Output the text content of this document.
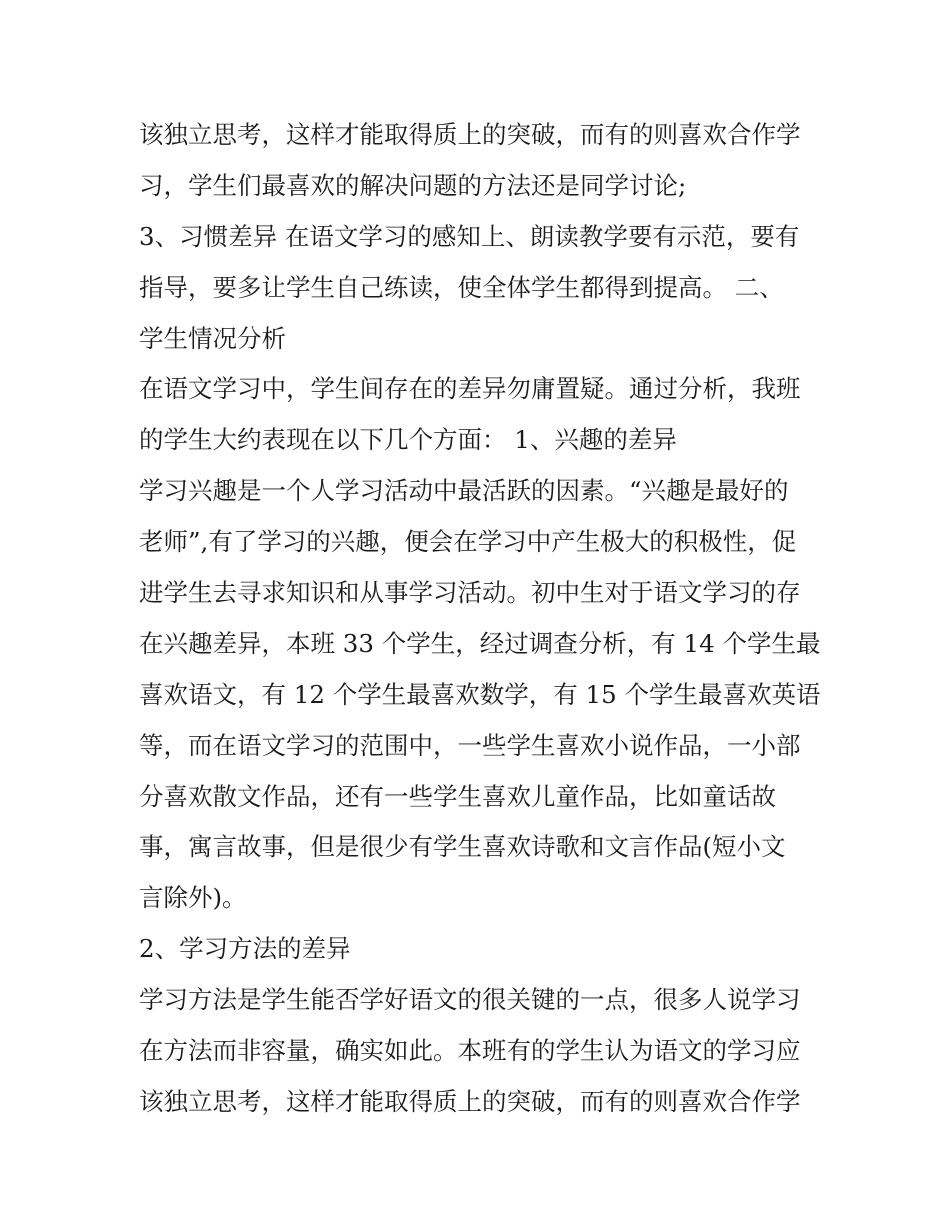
该独立思考，这样才能取得质上的突破，而有的则喜欢合作学
习，学生们最喜欢的解决问题的方法还是同学讨论;
3、习惯差异 在语文学习的感知上、朗读教学要有示范，要有
指导，要多让学生自己练读，使全体学生都得到提高。 二、
学生情况分析
在语文学习中，学生间存在的差异勿庸置疑。通过分析，我班
的学生大约表现在以下几个方面： 1、兴趣的差异
学习兴趣是一个人学习活动中最活跃的因素。“兴趣是最好的
老师”,有了学习的兴趣，便会在学习中产生极大的积极性，促
进学生去寻求知识和从事学习活动。初中生对于语文学习的存
在兴趣差异，本班 33 个学生，经过调查分析，有 14 个学生最
喜欢语文，有 12 个学生最喜欢数学，有 15 个学生最喜欢英语
等，而在语文学习的范围中，一些学生喜欢小说作品，一小部
分喜欢散文作品，还有一些学生喜欢儿童作品，比如童话故
事，寓言故事，但是很少有学生喜欢诗歌和文言作品(短小文
言除外)。
2、学习方法的差异
学习方法是学生能否学好语文的很关键的一点，很多人说学习
在方法而非容量，确实如此。本班有的学生认为语文的学习应
该独立思考，这样才能取得质上的突破，而有的则喜欢合作学
